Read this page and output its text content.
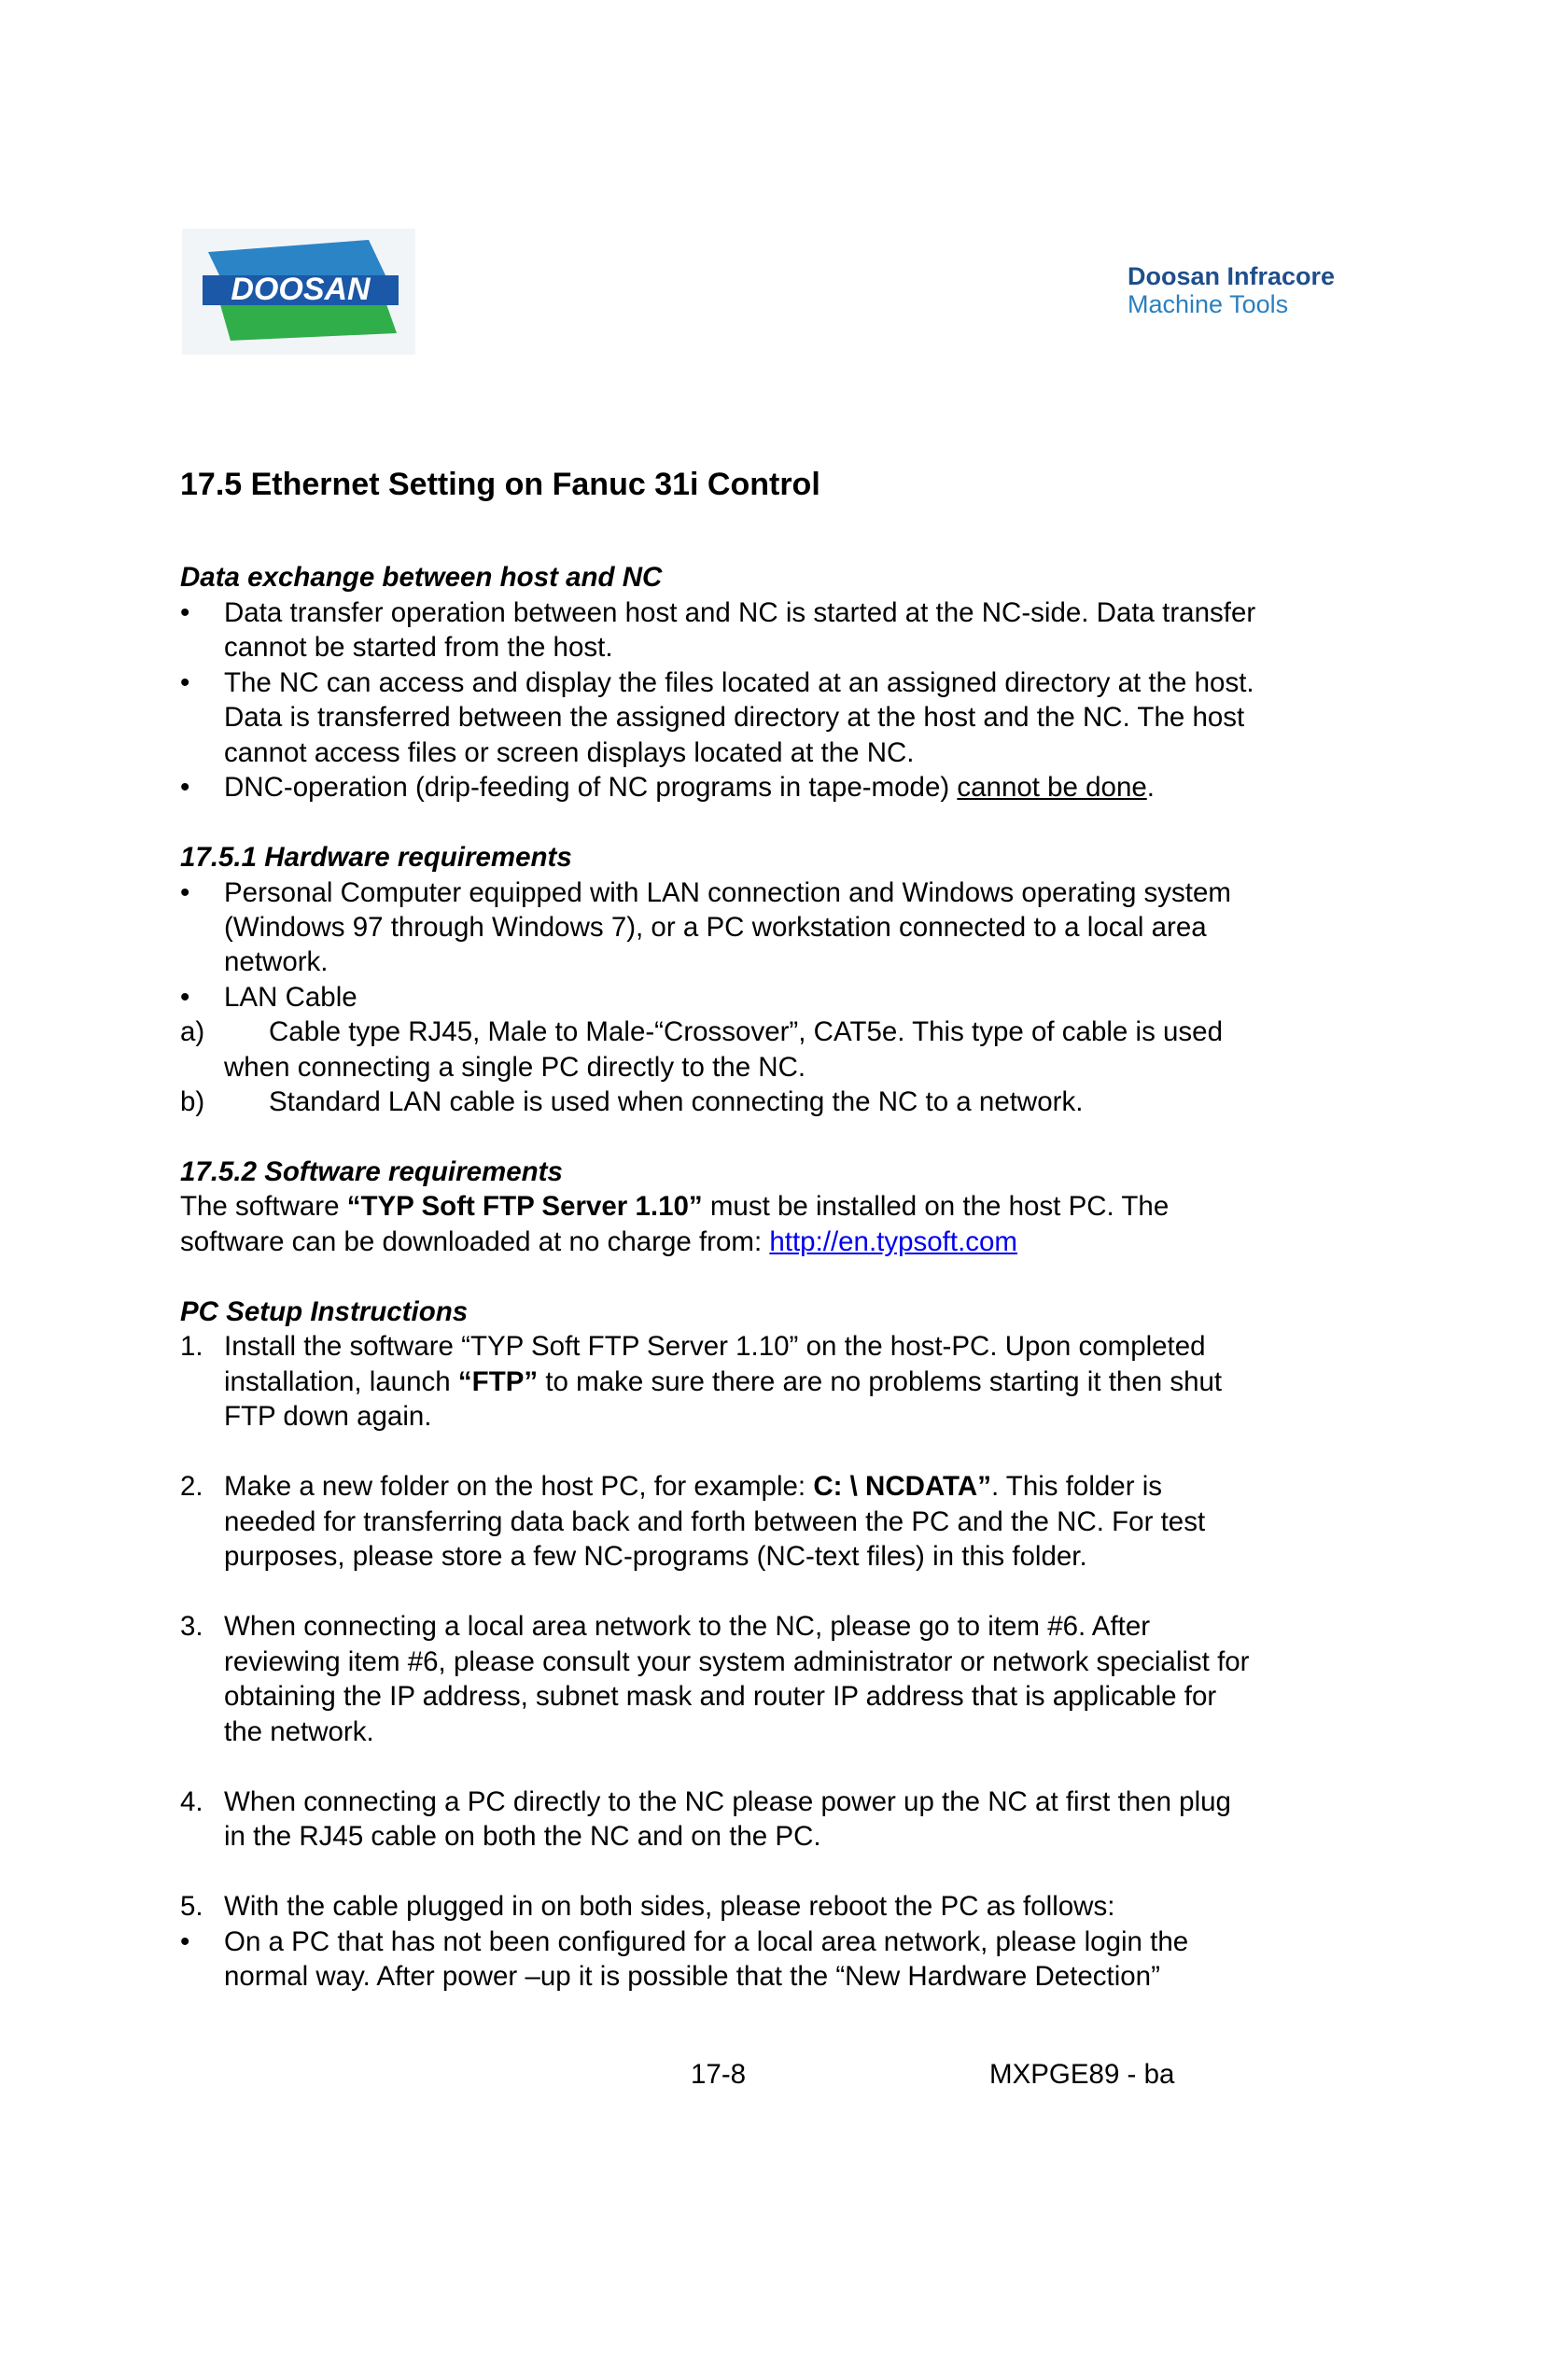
DOOSAN	Doosan Infracore
Machine Tools
17.5 Ethernet Setting on Fanuc 31i Control
Data exchange between host and NC
• Data transfer operation between host and NC is started at the NC-side. Data transfer
cannot be started from the host.
• The NC can access and display the files located at an assigned directory at the host.
Data is transferred between the assigned directory at the host and the NC. The host
cannot access files or screen displays located at the NC.
• DNC-operation (drip-feeding of NC programs in tape-mode) cannot be done.
17.5.1 Hardware requirements
• Personal Computer equipped with LAN connection and Windows operating system
(Windows 97 through Windows 7), or a PC workstation connected to a local area
network.
• LAN Cable
a) Cable type RJ45, Male to Male-“Crossover”, CAT5e. This type of cable is used
when connecting a single PC directly to the NC.
b) Standard LAN cable is used when connecting the NC to a network.
17.5.2 Software requirements
The software “TYP Soft FTP Server 1.10” must be installed on the host PC. The
software can be downloaded at no charge from: http://en.typsoft.com
PC Setup Instructions
1. Install the software “TYP Soft FTP Server 1.10” on the host-PC. Upon completed
installation, launch “FTP” to make sure there are no problems starting it then shut
FTP down again.
2. Make a new folder on the host PC, for example: C: \ NCDATA”. This folder is
needed for transferring data back and forth between the PC and the NC. For test
purposes, please store a few NC-programs (NC-text files) in this folder.
3. When connecting a local area network to the NC, please go to item #6. After
reviewing item #6, please consult your system administrator or network specialist for
obtaining the IP address, subnet mask and router IP address that is applicable for
the network.
4. When connecting a PC directly to the NC please power up the NC at first then plug
in the RJ45 cable on both the NC and on the PC.
5. With the cable plugged in on both sides, please reboot the PC as follows:
• On a PC that has not been configured for a local area network, please login the
normal way. After power –up it is possible that the “New Hardware Detection”
17-8	MXPGE89 - ba
